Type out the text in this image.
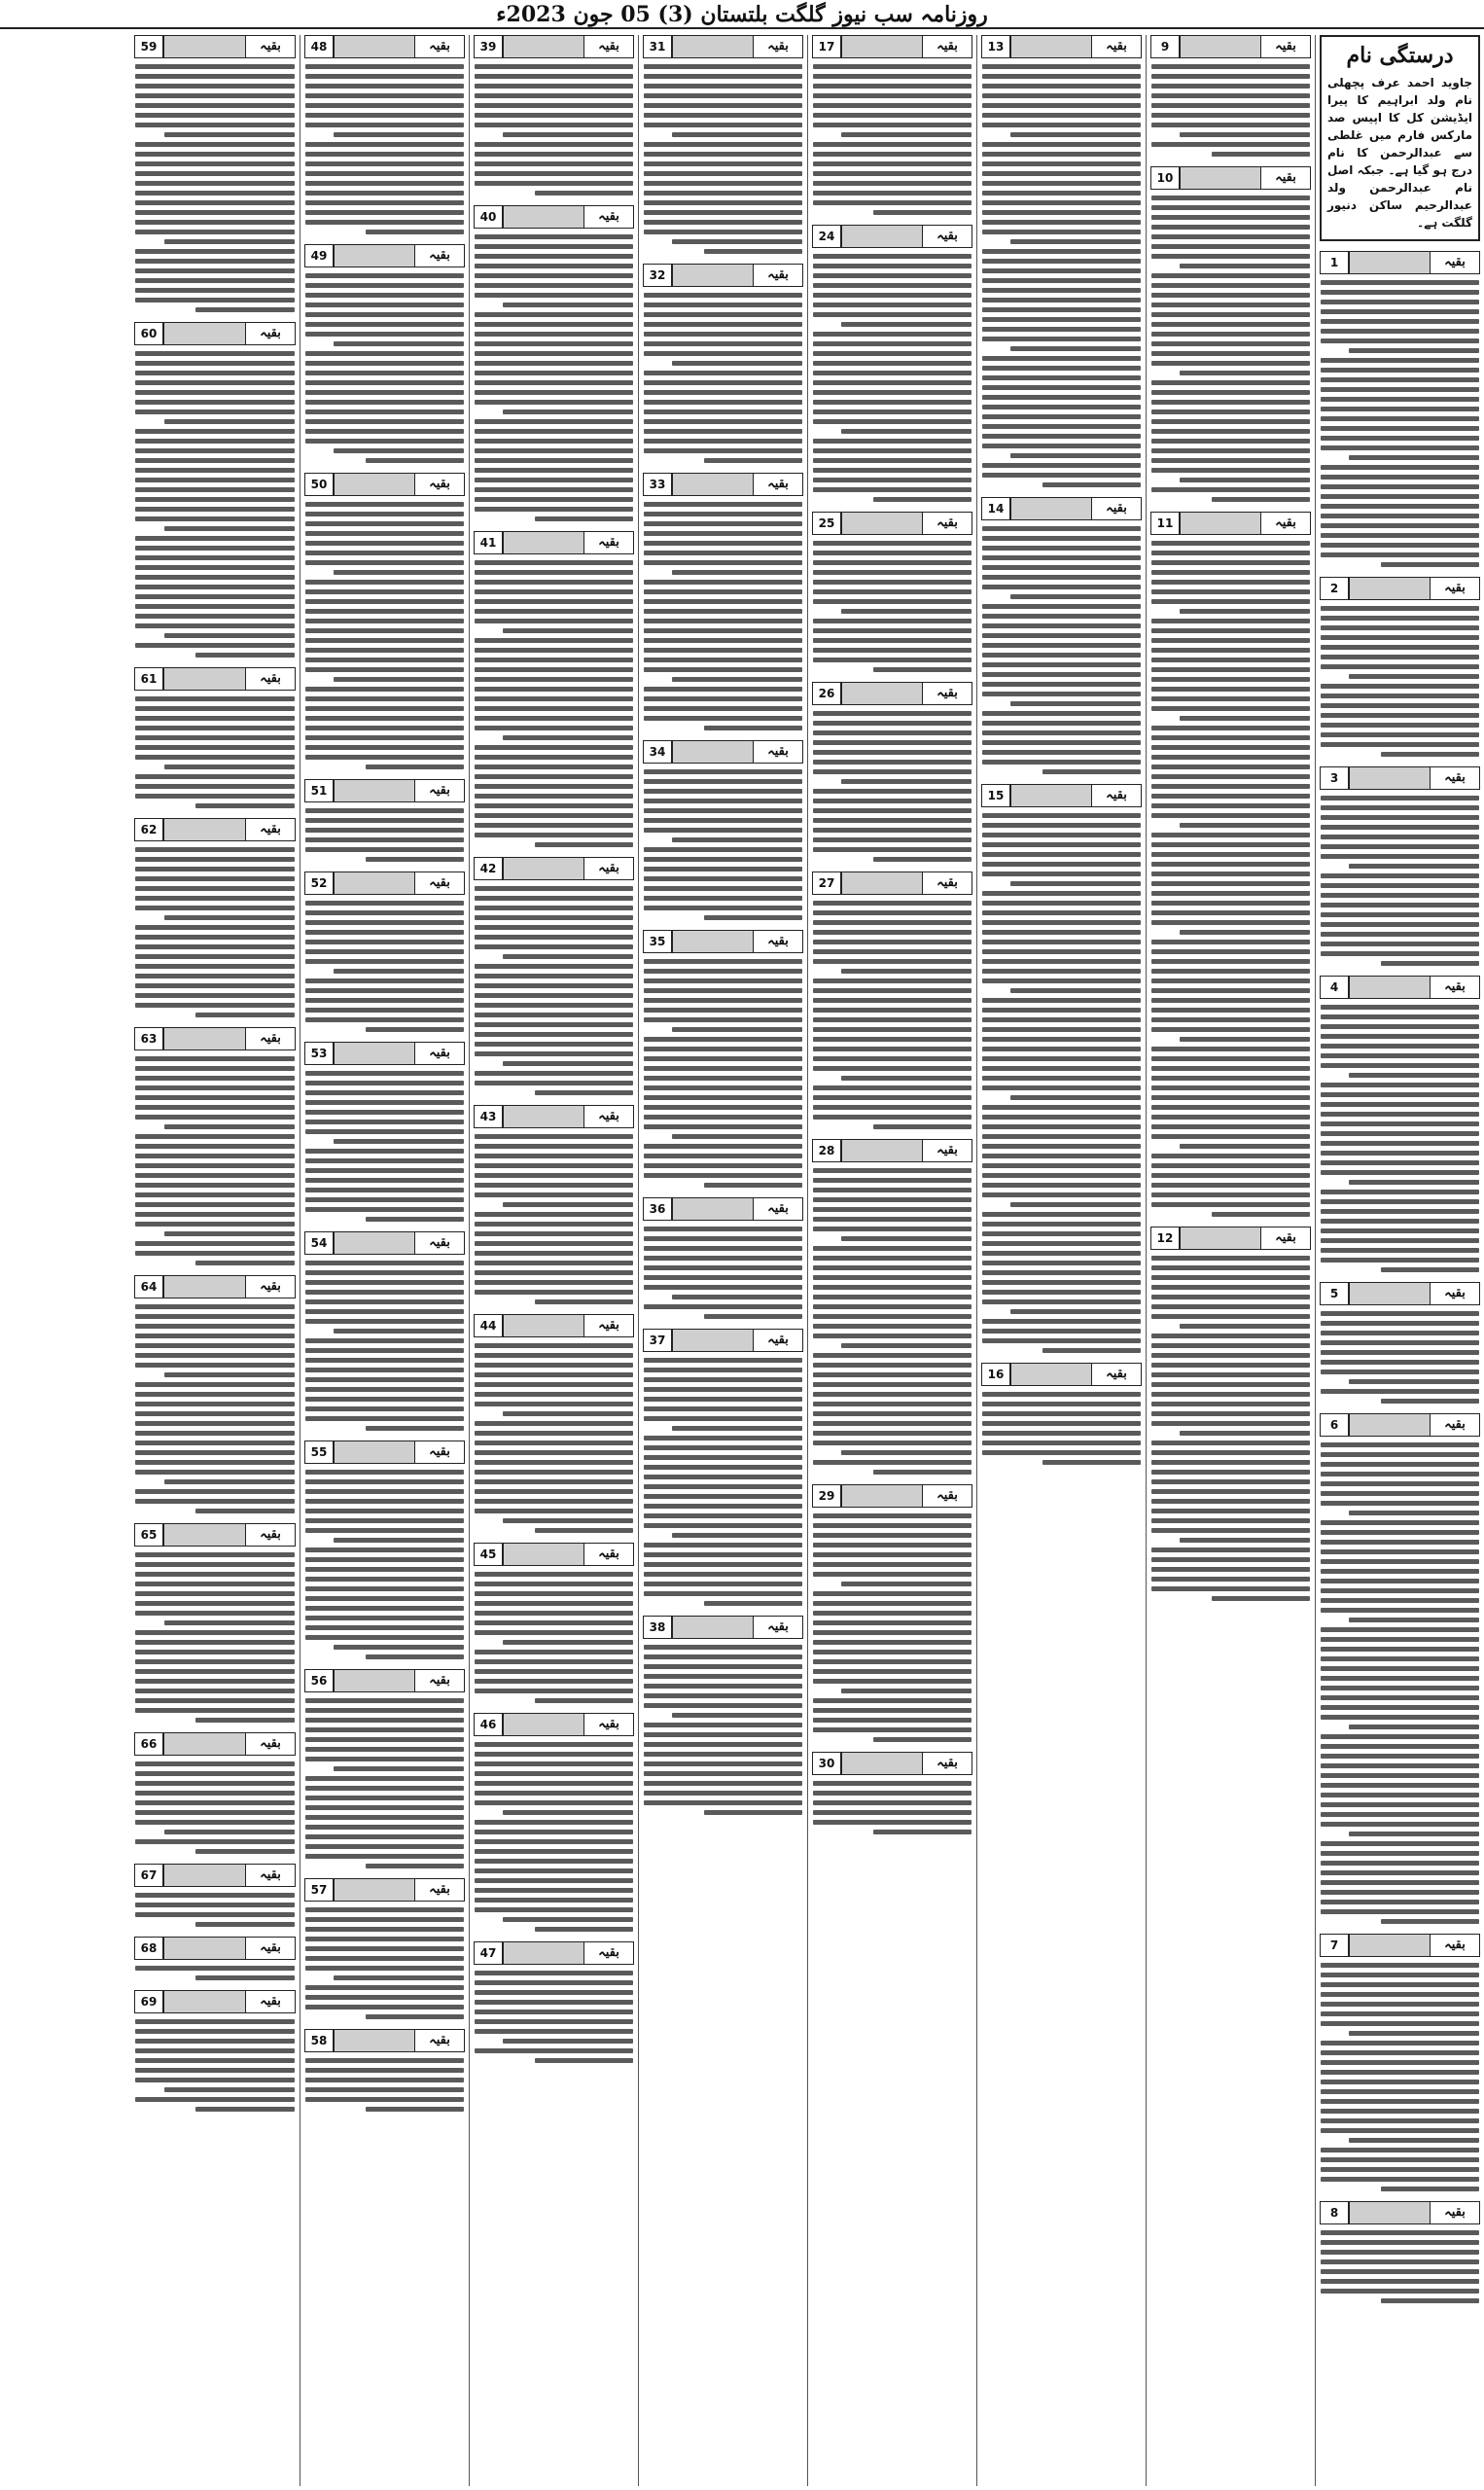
روزنامہ سب نیوز گلگت بلتستان (3) 05 جون 2023ء
درستگی نام
جاوید احمد عرف پچھلی نام ولد ابراہیم کا پیرا ایڈیشن کل کا اپیس صد مارکس فارم میں غلطی سے عبدالرحمن کا نام درج ہو گیا ہے۔ جبکہ اصل نام عبدالرحمن ولد عبدالرحیم ساکن دنیور گلگت ہے۔
بقیہ
1
بقیہ
2
بقیہ
3
بقیہ
4
بقیہ
5
بقیہ
6
بقیہ
7
بقیہ
8
بقیہ
9
بقیہ
10
بقیہ
11
بقیہ
12
بقیہ
13
بقیہ
14
بقیہ
15
بقیہ
16
بقیہ
17
بقیہ
24
بقیہ
25
بقیہ
26
بقیہ
27
بقیہ
28
بقیہ
29
بقیہ
30
بقیہ
31
بقیہ
32
بقیہ
33
بقیہ
34
بقیہ
35
بقیہ
36
بقیہ
37
بقیہ
38
بقیہ
39
بقیہ
40
بقیہ
41
بقیہ
42
بقیہ
43
بقیہ
44
بقیہ
45
بقیہ
46
بقیہ
47
بقیہ
48
بقیہ
49
بقیہ
50
بقیہ
51
بقیہ
52
بقیہ
53
بقیہ
54
بقیہ
55
بقیہ
56
بقیہ
57
بقیہ
58
بقیہ
59
بقیہ
60
بقیہ
61
بقیہ
62
بقیہ
63
بقیہ
64
بقیہ
65
بقیہ
66
بقیہ
67
بقیہ
68
بقیہ
69
